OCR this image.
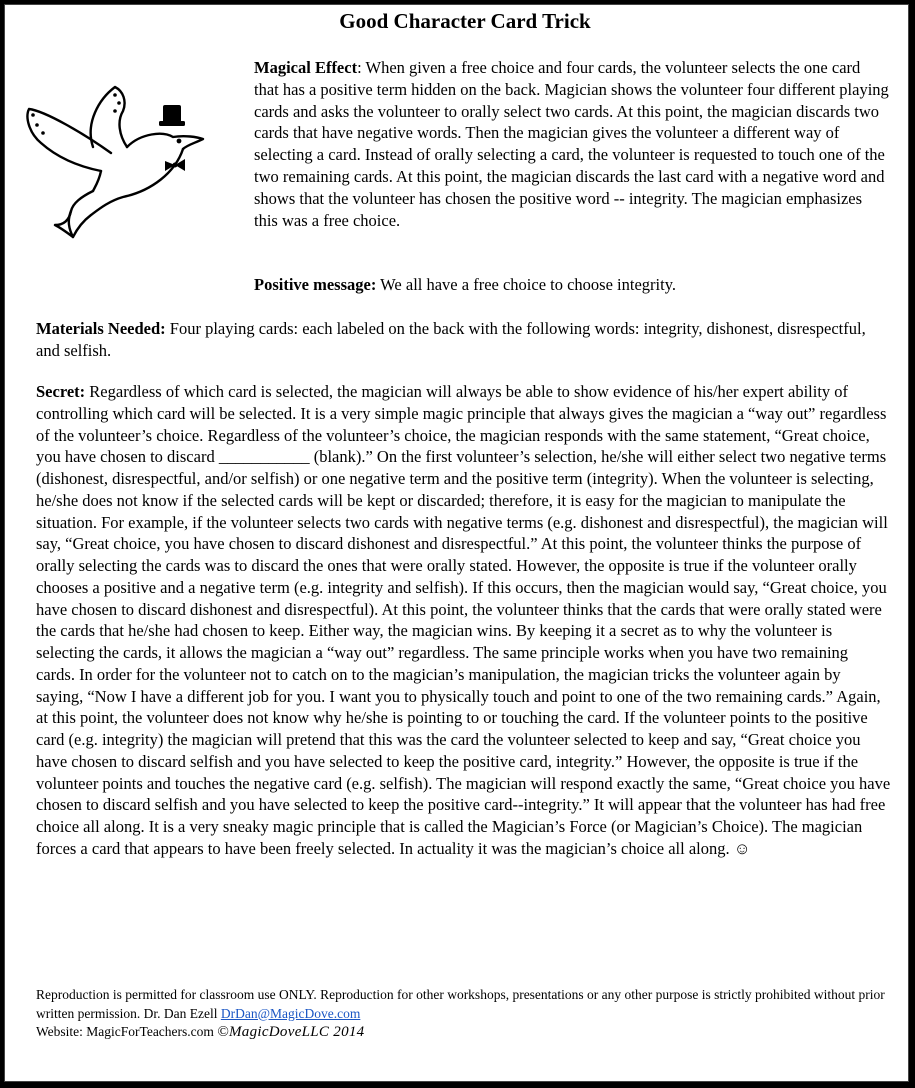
Good Character Card Trick

Magical Effect: When given a free choice and four cards, the volunteer selects the one card that has a positive term hidden on the back. Magician shows the volunteer four different playing cards and asks the volunteer to orally select two cards. At this point, the magician discards two cards that have negative words. Then the magician gives the volunteer a different way of selecting a card. Instead of orally selecting a card, the volunteer is requested to touch one of the two remaining cards. At this point, the magician discards the last card with a negative word and shows that the volunteer has chosen the positive word -- integrity. The magician emphasizes this was a free choice.

Positive message: We all have a free choice to choose integrity.

Materials Needed: Four playing cards: each labeled on the back with the following words: integrity, dishonest, disrespectful, and selfish.

Secret: Regardless of which card is selected, the magician will always be able to show evidence of his/her expert ability of controlling which card will be selected. It is a very simple magic principle that always gives the magician a “way out” regardless of the volunteer’s choice. Regardless of the volunteer’s choice, the magician responds with the same statement, “Great choice, you have chosen to discard ___________ (blank).” On the first volunteer’s selection, he/she will either select two negative terms (dishonest, disrespectful, and/or selfish) or one negative term and the positive term (integrity). When the volunteer is selecting, he/she does not know if the selected cards will be kept or discarded; therefore, it is easy for the magician to manipulate the situation. For example, if the volunteer selects two cards with negative terms (e.g. dishonest and disrespectful), the magician will say, “Great choice, you have chosen to discard dishonest and disrespectful.” At this point, the volunteer thinks the purpose of orally selecting the cards was to discard the ones that were orally stated. However, the opposite is true if the volunteer orally chooses a positive and a negative term (e.g. integrity and selfish). If this occurs, then the magician would say, “Great choice, you have chosen to discard dishonest and disrespectful). At this point, the volunteer thinks that the cards that were orally stated were the cards that he/she had chosen to keep. Either way, the magician wins. By keeping it a secret as to why the volunteer is selecting the cards, it allows the magician a “way out” regardless. The same principle works when you have two remaining cards. In order for the volunteer not to catch on to the magician’s manipulation, the magician tricks the volunteer again by saying, “Now I have a different job for you. I want you to physically touch and point to one of the two remaining cards.” Again, at this point, the volunteer does not know why he/she is pointing to or touching the card. If the volunteer points to the positive card (e.g. integrity) the magician will pretend that this was the card the volunteer selected to keep and say, “Great choice you have chosen to discard selfish and you have selected to keep the positive card, integrity.” However, the opposite is true if the volunteer points and touches the negative card (e.g. selfish). The magician will respond exactly the same, “Great choice you have chosen to discard selfish and you have selected to keep the positive card--integrity.” It will appear that the volunteer has had free choice all along. It is a very sneaky magic principle that is called the Magician’s Force (or Magician’s Choice). The magician forces a card that appears to have been freely selected. In actuality it was the magician’s choice all along. ☺

Reproduction is permitted for classroom use ONLY. Reproduction for other workshops, presentations or any other purpose is strictly prohibited without prior written permission. Dr. Dan Ezell DrDan@MagicDove.com
Website: MagicForTeachers.com ©MagicDoveLLC 2014
